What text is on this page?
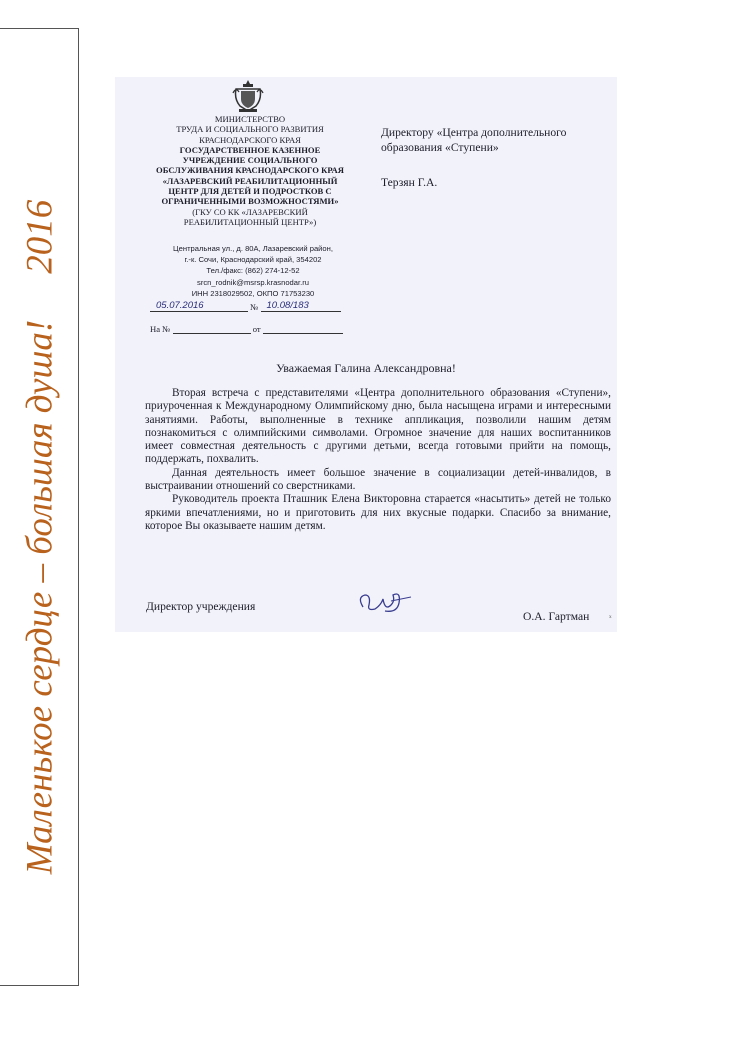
Маленькое сердце – большая душа!2016
МИНИСТЕРСТВО
ТРУДА И СОЦИАЛЬНОГО РАЗВИТИЯ
КРАСНОДАРСКОГО КРАЯ
ГОСУДАРСТВЕННОЕ КАЗЕННОЕ
УЧРЕЖДЕНИЕ СОЦИАЛЬНОГО
ОБСЛУЖИВАНИЯ КРАСНОДАРСКОГО КРАЯ
«ЛАЗАРЕВСКИЙ РЕАБИЛИТАЦИОННЫЙ
ЦЕНТР ДЛЯ ДЕТЕЙ И ПОДРОСТКОВ С
ОГРАНИЧЕННЫМИ ВОЗМОЖНОСТЯМИ»
(ГКУ СО КК «ЛАЗАРЕВСКИЙ
РЕАБИЛИТАЦИОННЫЙ ЦЕНТР»)
Центральная ул., д. 80А, Лазаревский район,
г.-к. Сочи, Краснодарский край, 354202
Тел./факс: (862) 274-12-52
srcn_rodnik@msrsp.krasnodar.ru
ИНН 2318029502, ОКПО 71753230
05.07.2016	№ 10.08/183
На №	от
Директору «Центра дополнительного
образования «Ступени»
Терзян Г.А.
Уважаемая Галина Александровна!

Вторая встреча с представителями «Центра дополнительного образования «Ступени», приуроченная к Международному Олимпийскому дню, была насыщена играми и интересными занятиями. Работы, выполненные в технике аппликация, позволили нашим детям познакомиться с олимпийскими символами. Огромное значение для наших воспитанников имеет совместная деятельность с другими детьми, всегда готовыми прийти на помощь, поддержать, похвалить.

Данная деятельность имеет большое значение в социализации детей-инвалидов, в выстраивании отношений со сверстниками.

Руководитель проекта Пташник Елена Викторовна старается «насытить» детей не только яркими впечатлениями, но и приготовить для них вкусные подарки. Спасибо за внимание, которое Вы оказываете нашим детям.

Директор учреждения
О.А. Гартман ₓ
